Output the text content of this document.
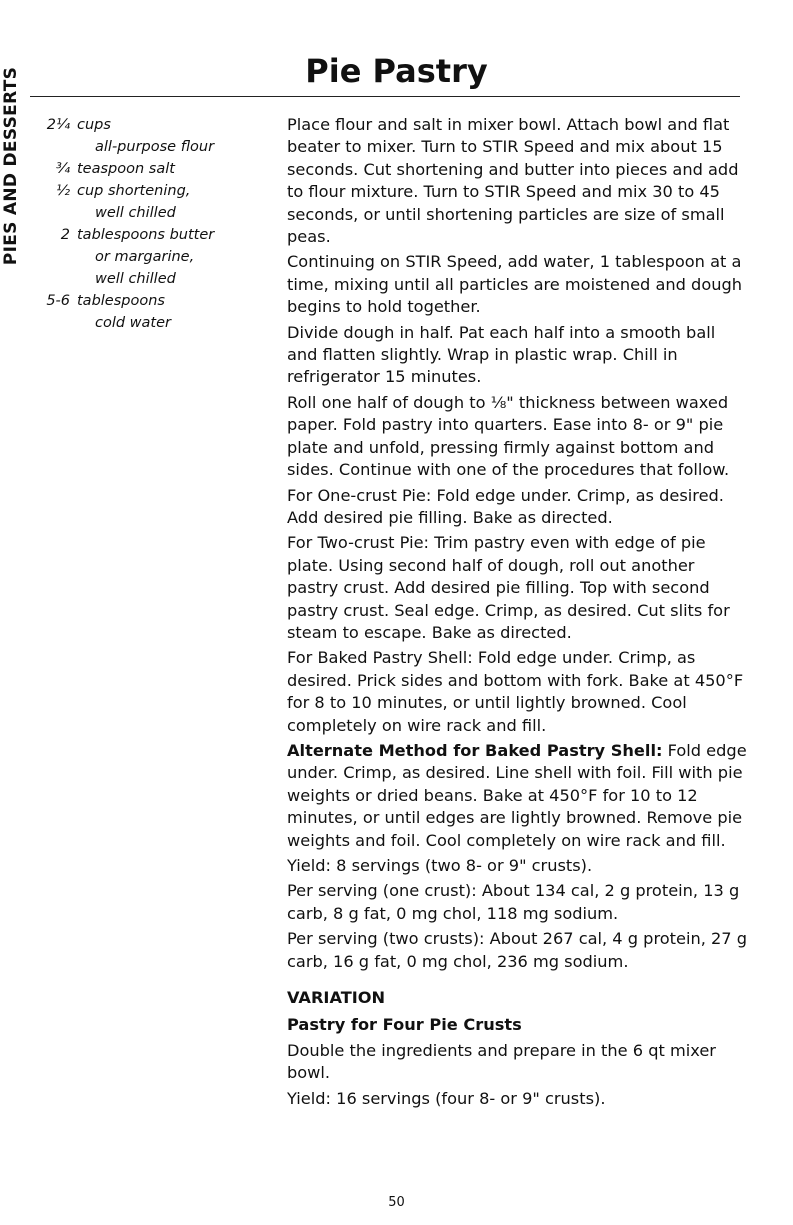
PIES AND DESSERTS	Pie Pastry
2¼ cups
all-purpose flour
¾ teaspoon salt
½ cup shortening,
well chilled
2 tablespoons butter
or margarine,
well chilled
5-6 tablespoons
cold water

Place flour and salt in mixer bowl. Attach bowl and flat beater to mixer. Turn to STIR Speed and mix about 15 seconds. Cut shortening and butter into pieces and add to flour mixture. Turn to STIR Speed and mix 30 to 45 seconds, or until shortening particles are size of small peas.

Continuing on STIR Speed, add water, 1 tablespoon at a time, mixing until all particles are moistened and dough begins to hold together.

Divide dough in half. Pat each half into a smooth ball and flatten slightly. Wrap in plastic wrap. Chill in refrigerator 15 minutes.

Roll one half of dough to ⅛" thickness between waxed paper. Fold pastry into quarters. Ease into 8- or 9" pie plate and unfold, pressing firmly against bottom and sides. Continue with one of the procedures that follow.

For One-crust Pie: Fold edge under. Crimp, as desired. Add desired pie filling. Bake as directed.

For Two-crust Pie: Trim pastry even with edge of pie plate. Using second half of dough, roll out another pastry crust. Add desired pie filling. Top with second pastry crust. Seal edge. Crimp, as desired. Cut slits for steam to escape. Bake as directed.

For Baked Pastry Shell: Fold edge under. Crimp, as desired. Prick sides and bottom with fork. Bake at 450°F for 8 to 10 minutes, or until lightly browned. Cool completely on wire rack and fill.

Alternate Method for Baked Pastry Shell: Fold edge under. Crimp, as desired. Line shell with foil. Fill with pie weights or dried beans. Bake at 450°F for 10 to 12 minutes, or until edges are lightly browned. Remove pie weights and foil. Cool completely on wire rack and fill.

Yield: 8 servings (two 8- or 9" crusts).

Per serving (one crust): About 134 cal, 2 g protein, 13 g carb, 8 g fat, 0 mg chol, 118 mg sodium.

Per serving (two crusts): About 267 cal, 4 g protein, 27 g carb, 16 g fat, 0 mg chol, 236 mg sodium.

VARIATION

Pastry for Four Pie Crusts

Double the ingredients and prepare in the 6 qt mixer bowl.

Yield: 16 servings (four 8- or 9" crusts).

50
